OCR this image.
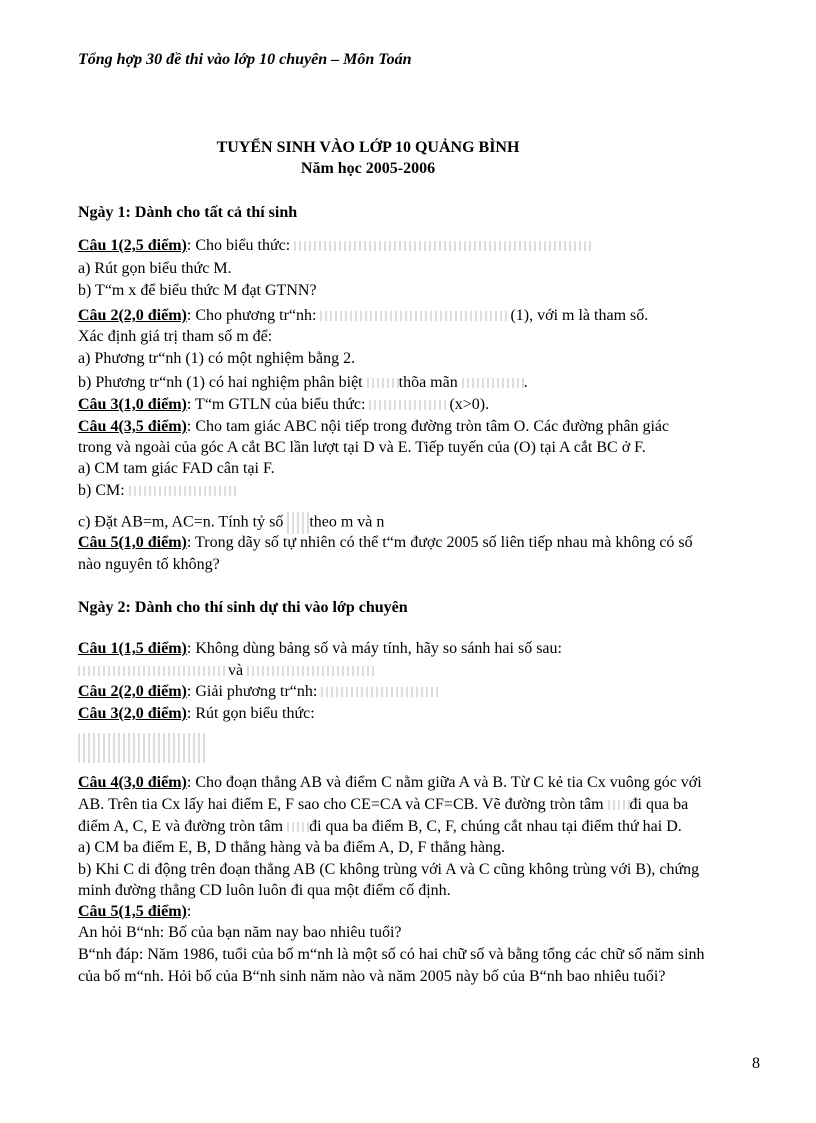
Tổng hợp 30 đề thi vào lớp 10 chuyên – Môn Toán
TUYỂN SINH VÀO LỚP 10 QUẢNG BÌNH
Năm học 2005-2006
Ngày 1: Dành cho tất cả thí sinh
Câu 1(2,5 điểm): Cho biểu thức:
a) Rút gọn biểu thức M.
b) T“m x để biểu thức M đạt GTNN?
Câu 2(2,0 điểm): Cho phương tr“nh:	(1), với m là tham số.
Xác định giá trị tham số m để:
a) Phương tr“nh (1) có một nghiệm bằng 2.
b) Phương tr“nh (1) có hai nghiệm phân biệt thõa mãn	.
Câu 3(1,0 điểm): T“m GTLN của biểu thức:	(x>0).
Câu 4(3,5 điểm): Cho tam giác ABC nội tiếp trong đường tròn tâm O. Các đường phân giác
trong và ngoài của góc A cắt BC lần lượt tại D và E. Tiếp tuyến của (O) tại A cắt BC ở F.
a) CM tam giác FAD cân tại F.
b) CM:
c) Đặt AB=m, AC=n. Tính tỷ số theo m và n
Câu 5(1,0 điểm): Trong dãy số tự nhiên có thể t“m được 2005 số liên tiếp nhau mà không có số
nào nguyên tố không?
Ngày 2: Dành cho thí sinh dự thi vào lớp chuyên
Câu 1(1,5 điểm): Không dùng bảng số và máy tính, hãy so sánh hai số sau:
và
Câu 2(2,0 điểm): Giải phương tr“nh:
Câu 3(2,0 điểm): Rút gọn biểu thức:
Câu 4(3,0 điểm): Cho đoạn thẳng AB và điểm C nằm giữa A và B. Từ C kẻ tia Cx vuông góc với
AB. Trên tia Cx lấy hai điểm E, F sao cho CE=CA và CF=CB. Vẽ đường tròn tâm đi qua ba
điểm A, C, E và đường tròn tâm đi qua ba điểm B, C, F, chúng cắt nhau tại điểm thứ hai D.
a) CM ba điểm E, B, D thẳng hàng và ba điểm A, D, F thẳng hàng.
b) Khi C di động trên đoạn thẳng AB (C không trùng với A và C cũng không trùng với B), chứng
minh đường thẳng CD luôn luôn đi qua một điểm cố định.
Câu 5(1,5 điểm):
An hỏi B“nh: Bố của bạn năm nay bao nhiêu tuổi?
B“nh đáp: Năm 1986, tuổi của bố m“nh là một số có hai chữ số và bằng tổng các chữ số năm sinh
của bố m“nh. Hỏi bố của B“nh sinh năm nào và năm 2005 này bố của B“nh bao nhiêu tuổi?
8
